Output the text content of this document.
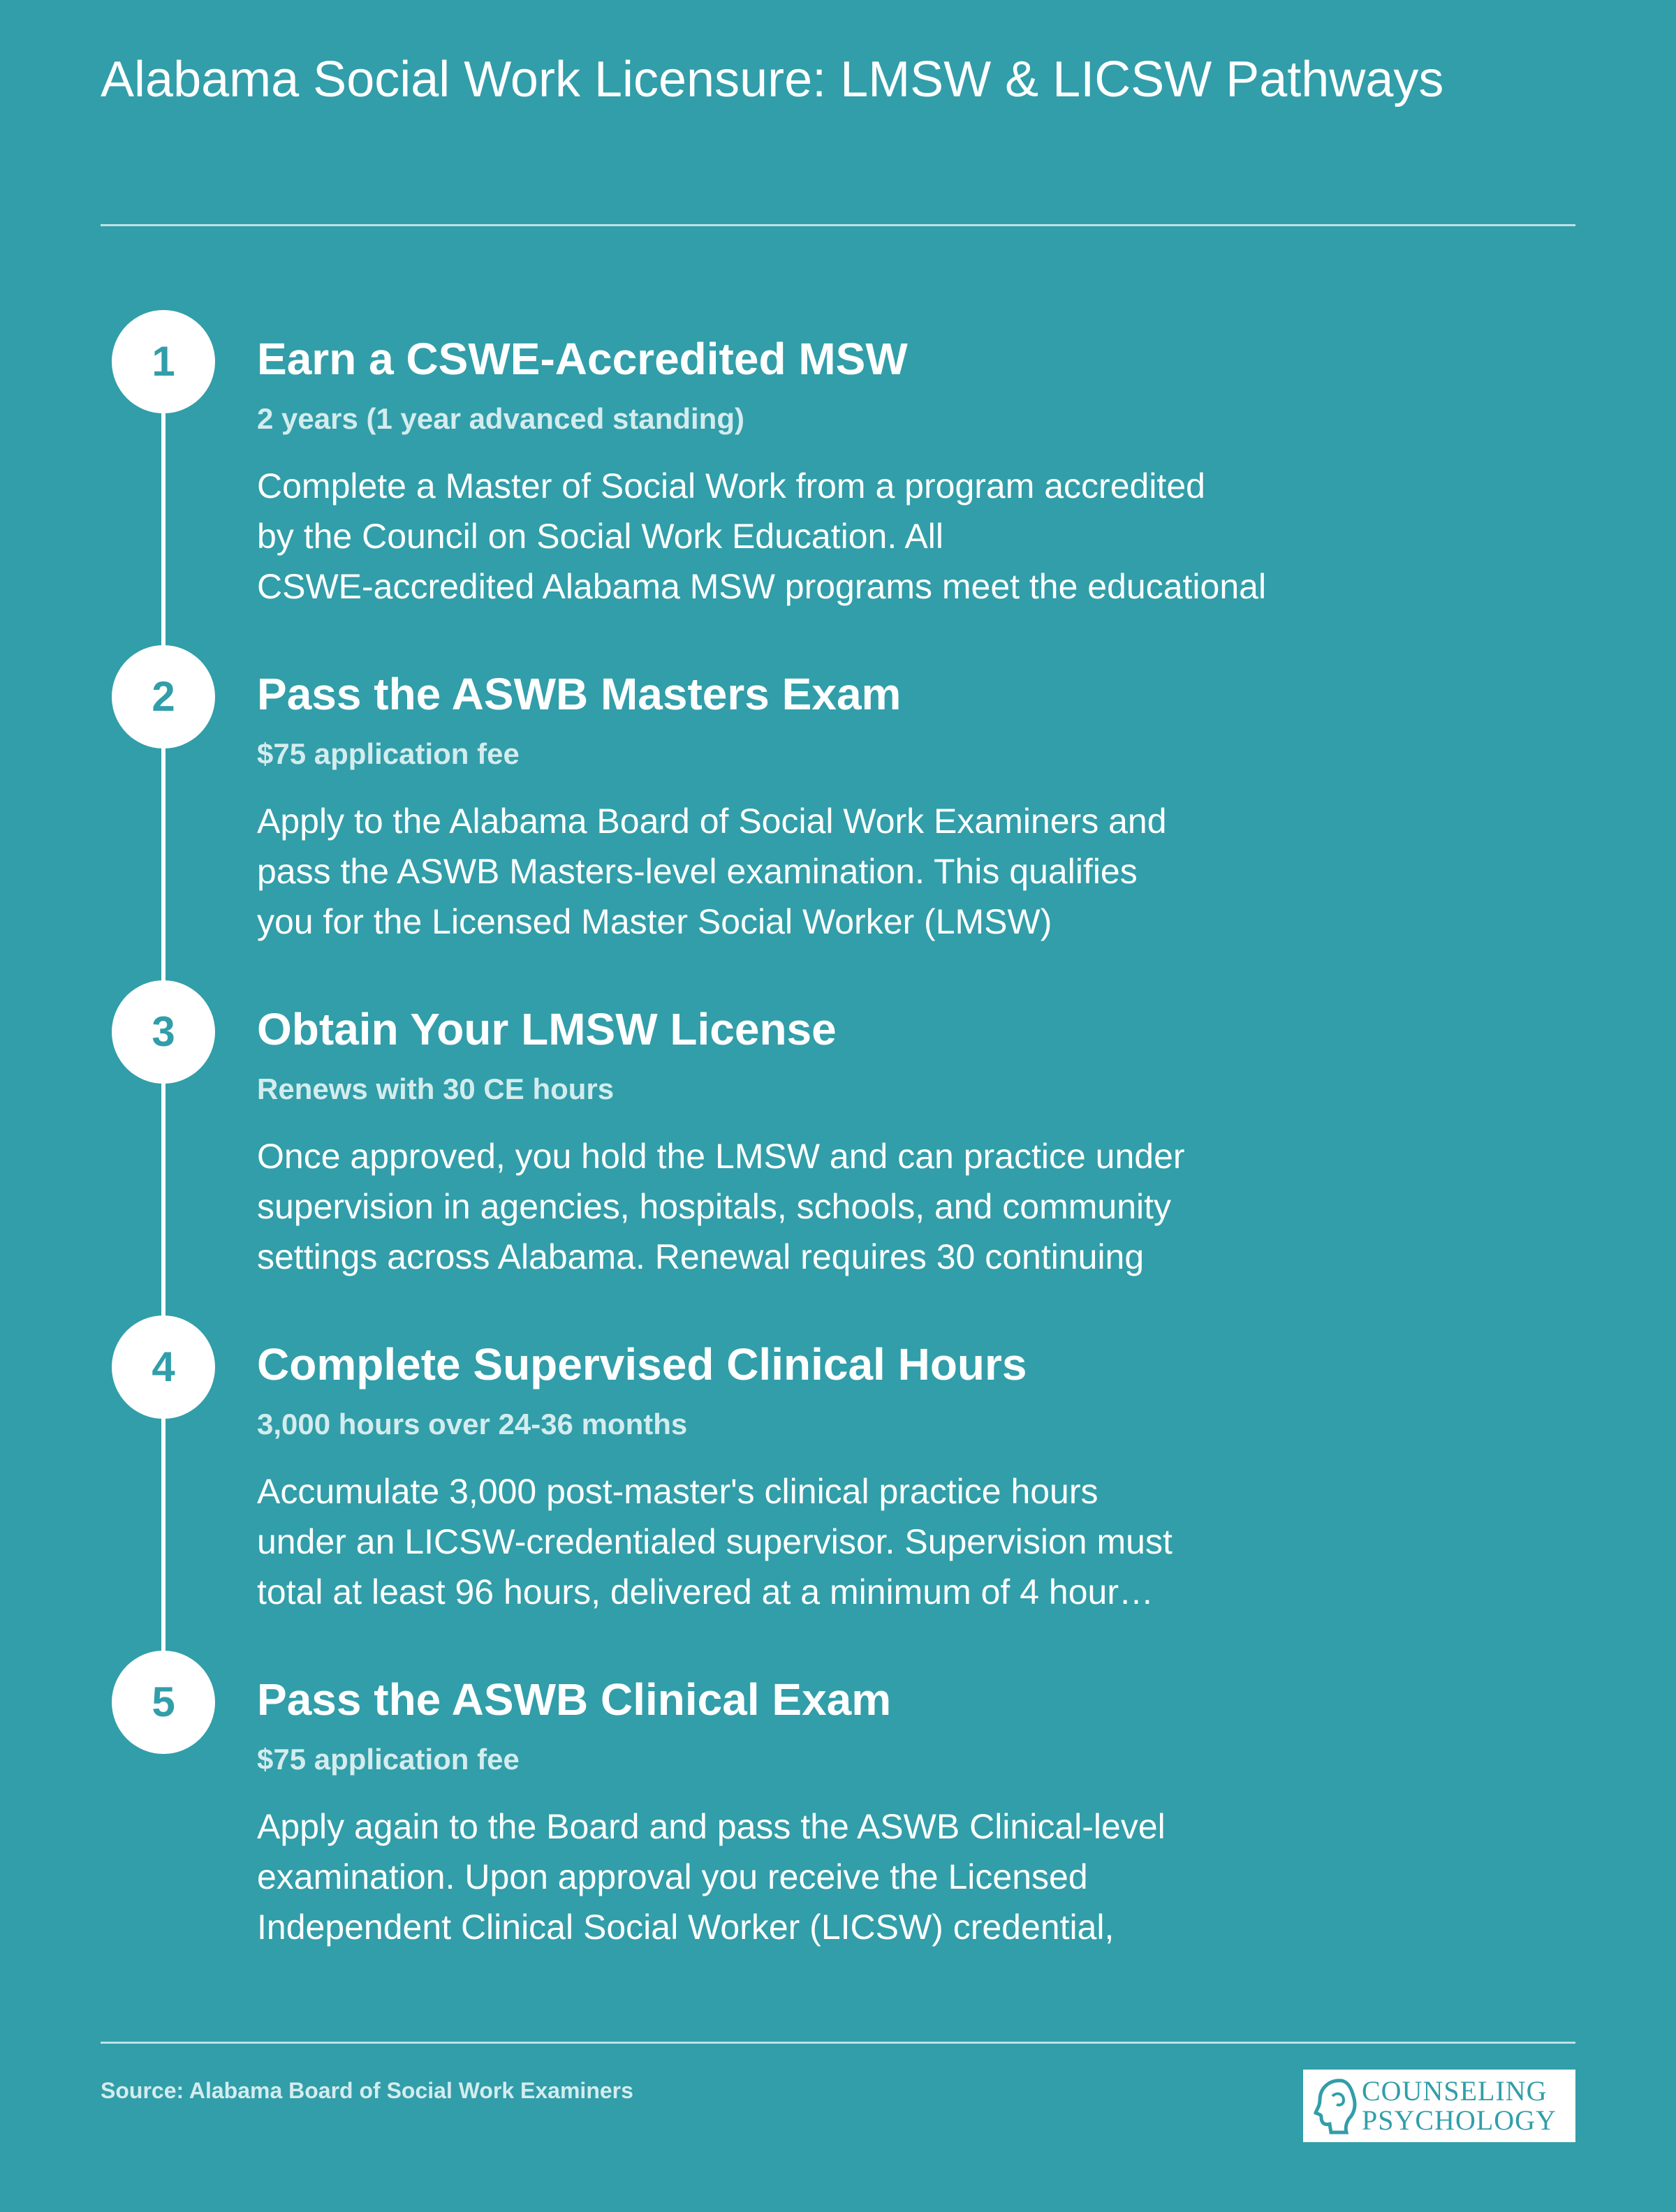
Alabama Social Work Licensure: LMSW & LICSW Pathways
1	Earn a CSWE-Accredited MSW
2 years (1 year advanced standing)
Complete a Master of Social Work from a program accredited
by the Council on Social Work Education. All
CSWE-accredited Alabama MSW programs meet the educational
2	Pass the ASWB Masters Exam
$75 application fee
Apply to the Alabama Board of Social Work Examiners and
pass the ASWB Masters-level examination. This qualifies
you for the Licensed Master Social Worker (LMSW)
3	Obtain Your LMSW License
Renews with 30 CE hours
Once approved, you hold the LMSW and can practice under
supervision in agencies, hospitals, schools, and community
settings across Alabama. Renewal requires 30 continuing
4	Complete Supervised Clinical Hours
3,000 hours over 24-36 months
Accumulate 3,000 post-master's clinical practice hours
under an LICSW-credentialed supervisor. Supervision must
total at least 96 hours, delivered at a minimum of 4 hour…
5	Pass the ASWB Clinical Exam
$75 application fee
Apply again to the Board and pass the ASWB Clinical-level
examination. Upon approval you receive the Licensed
Independent Clinical Social Worker (LICSW) credential,
Source: Alabama Board of Social Work Examiners	COUNSELING
PSYCHOLOGY
